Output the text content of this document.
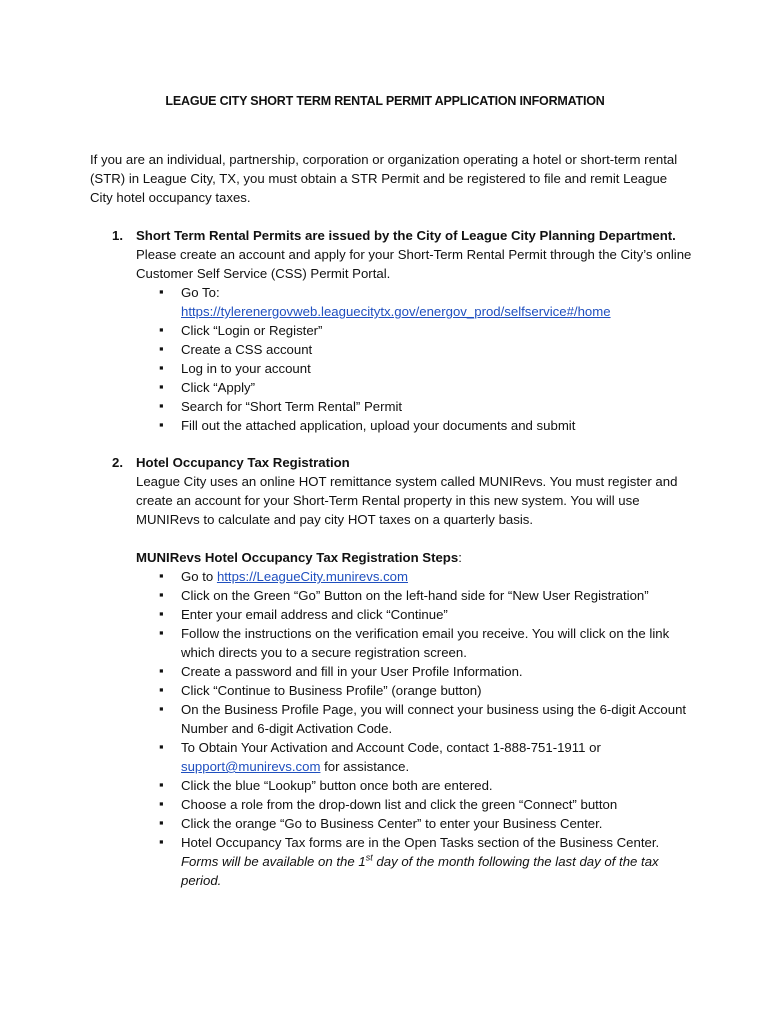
LEAGUE CITY SHORT TERM RENTAL PERMIT APPLICATION INFORMATION
If you are an individual, partnership, corporation or organization operating a hotel or short-term rental (STR) in League City, TX, you must obtain a STR Permit and be registered to file and remit League City hotel occupancy taxes.
1. Short Term Rental Permits are issued by the City of League City Planning Department.
Please create an account and apply for your Short-Term Rental Permit through the City’s online Customer Self Service (CSS) Permit Portal.
▪ Go To:
https://tylerenergovweb.leaguecitytx.gov/energov_prod/selfservice#/home
▪ Click “Login or Register”
▪ Create a CSS account
▪ Log in to your account
▪ Click “Apply”
▪ Search for “Short Term Rental” Permit
▪ Fill out the attached application, upload your documents and submit
2. Hotel Occupancy Tax Registration
League City uses an online HOT remittance system called MUNIRevs. You must register and create an account for your Short-Term Rental property in this new system. You will use MUNIRevs to calculate and pay city HOT taxes on a quarterly basis.
MUNIRevs Hotel Occupancy Tax Registration Steps:
▪ Go to https://LeagueCity.munirevs.com
▪ Click on the Green “Go” Button on the left-hand side for “New User Registration”
▪ Enter your email address and click “Continue”
▪ Follow the instructions on the verification email you receive. You will click on the link which directs you to a secure registration screen.
▪ Create a password and fill in your User Profile Information.
▪ Click “Continue to Business Profile” (orange button)
▪ On the Business Profile Page, you will connect your business using the 6-digit Account Number and 6-digit Activation Code.
▪ To Obtain Your Activation and Account Code, contact 1-888-751-1911 or
support@munirevs.com for assistance.
▪ Click the blue “Lookup” button once both are entered.
▪ Choose a role from the drop-down list and click the green “Connect” button
▪ Click the orange “Go to Business Center” to enter your Business Center.
▪ Hotel Occupancy Tax forms are in the Open Tasks section of the Business Center.
Forms will be available on the 1st day of the month following the last day of the tax period.
